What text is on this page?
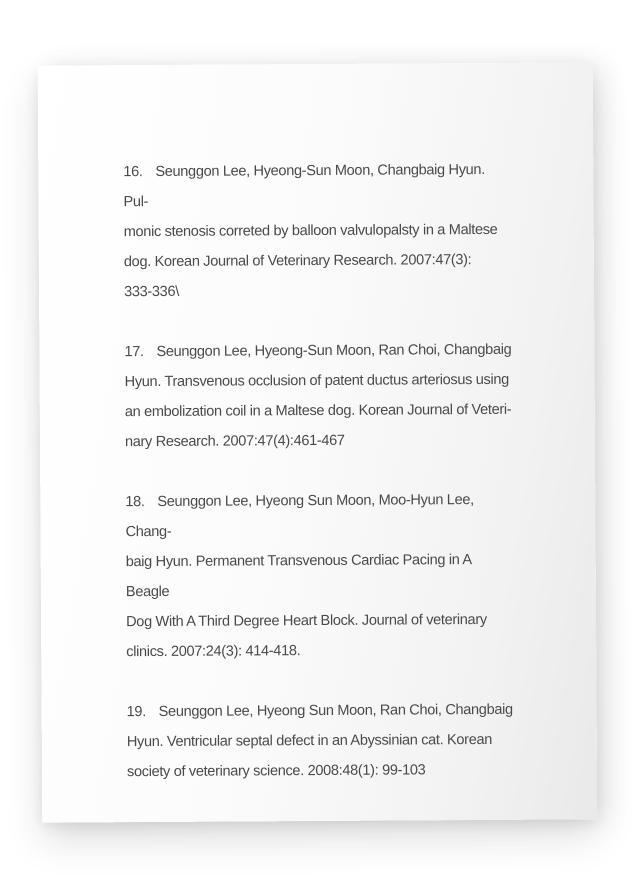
16. Seunggon Lee, Hyeong-Sun Moon, Changbaig Hyun. Pul-
monic stenosis correted by balloon valvulopalsty in a Maltese
dog. Korean Journal of Veterinary Research. 2007:47(3):
333-336\
17. Seunggon Lee, Hyeong-Sun Moon, Ran Choi, Changbaig
Hyun. Transvenous occlusion of patent ductus arteriosus using
an embolization coil in a Maltese dog. Korean Journal of Veteri-
nary Research. 2007:47(4):461-467
18. Seunggon Lee, Hyeong Sun Moon, Moo-Hyun Lee, Chang-
baig Hyun. Permanent Transvenous Cardiac Pacing in A Beagle
Dog With A Third Degree Heart Block. Journal of veterinary
clinics. 2007:24(3): 414-418.
19. Seunggon Lee, Hyeong Sun Moon, Ran Choi, Changbaig
Hyun. Ventricular septal defect in an Abyssinian cat. Korean
society of veterinary science. 2008:48(1): 99-103
